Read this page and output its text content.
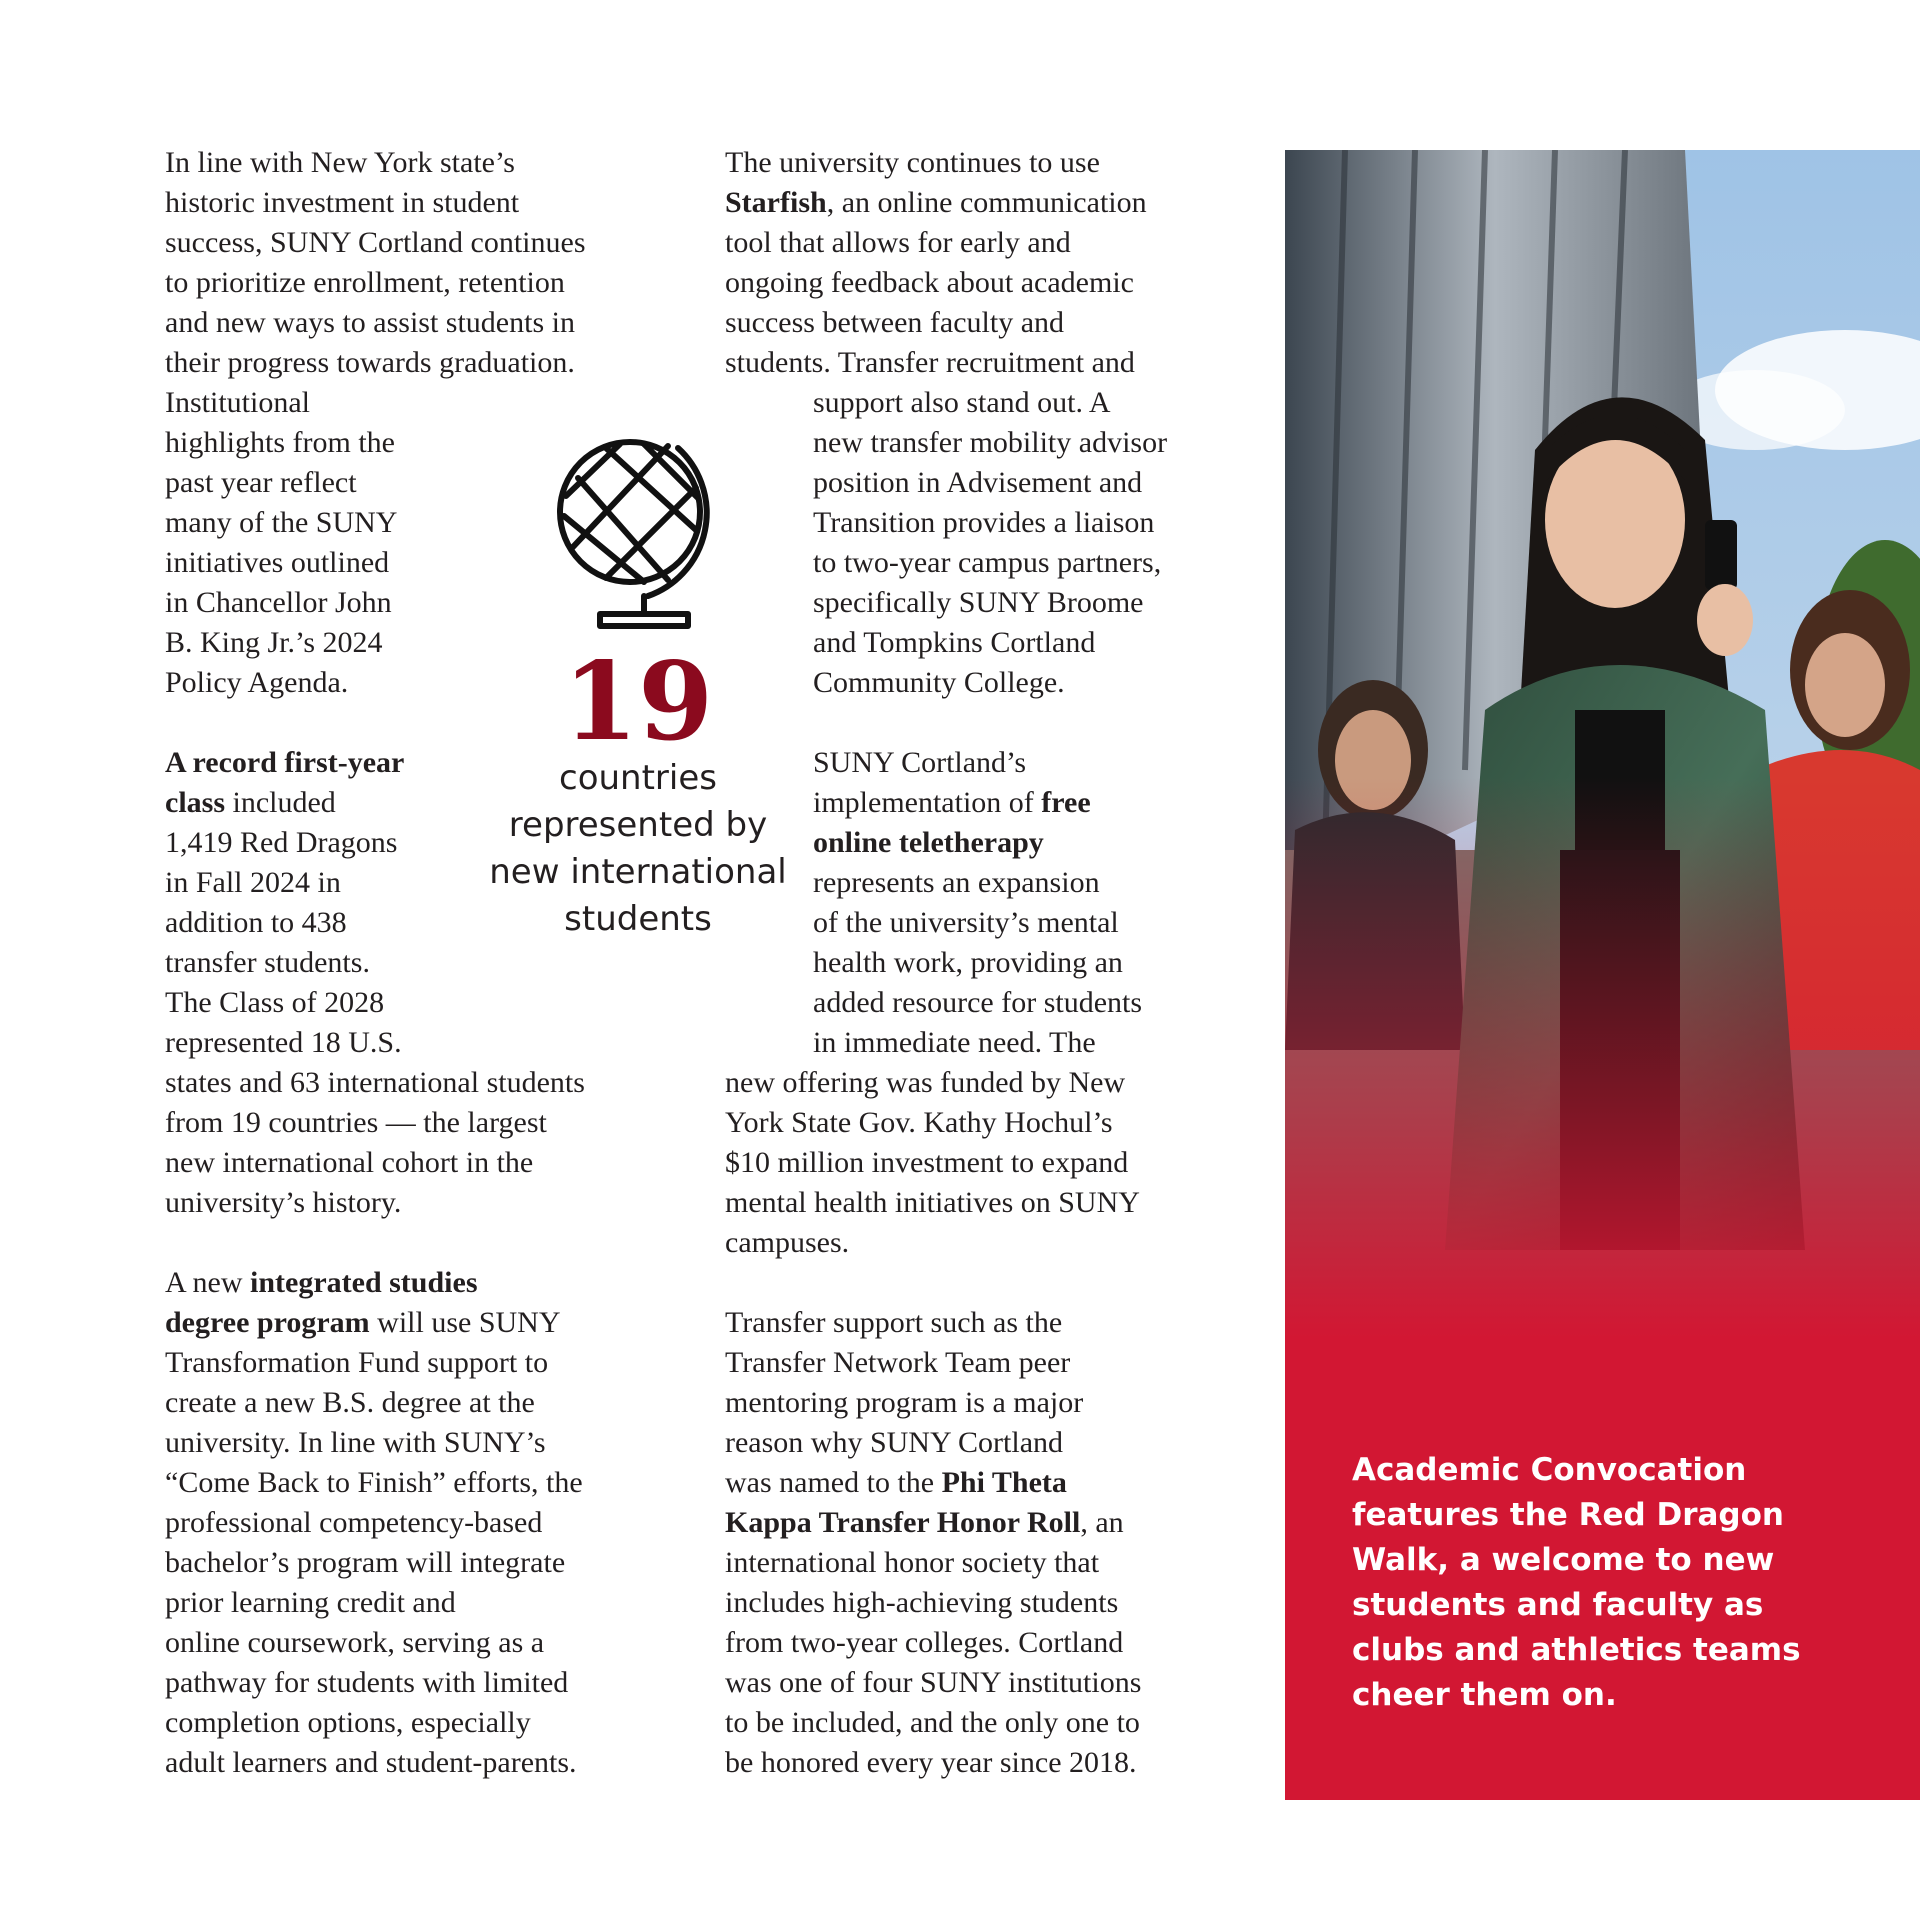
In line with New York state’s
historic investment in student
success, SUNY Cortland continues
to prioritize enrollment, retention
and new ways to assist students in
their progress towards graduation.
Institutional
highlights from the
past year reflect
many of the SUNY
initiatives outlined
in Chancellor John
B. King Jr.’s 2024
Policy Agenda.
A record first-year
class included
1,419 Red Dragons
in Fall 2024 in
addition to 438
transfer students.
The Class of 2028
represented 18 U.S.
states and 63 international students
from 19 countries — the largest
new international cohort in the
university’s history.
A new integrated studies
degree program will use SUNY
Transformation Fund support to
create a new B.S. degree at the
university. In line with SUNY’s
“Come Back to Finish” efforts, the
professional competency-based
bachelor’s program will integrate
prior learning credit and
online coursework, serving as a
pathway for students with limited
completion options, especially
adult learners and student-parents.
The university continues to use
Starfish, an online communication
tool that allows for early and
ongoing feedback about academic
success between faculty and
students. Transfer recruitment and
support also stand out. A
new transfer mobility advisor
position in Advisement and
Transition provides a liaison
to two-year campus partners,
specifically SUNY Broome
and Tompkins Cortland
Community College.
SUNY Cortland’s
implementation of free
online teletherapy
represents an expansion
of the university’s mental
health work, providing an
added resource for students
in immediate need. The
new offering was funded by New
York State Gov. Kathy Hochul’s
$10 million investment to expand
mental health initiatives on SUNY
campuses.
Transfer support such as the
Transfer Network Team peer
mentoring program is a major
reason why SUNY Cortland
was named to the Phi Theta
Kappa Transfer Honor Roll, an
international honor society that
includes high-achieving students
from two-year colleges. Cortland
was one of four SUNY institutions
to be included, and the only one to
be honored every year since 2018.
19
countries
represented by
new international
students
Academic Convocation
features the Red Dragon
Walk, a welcome to new
students and faculty as
clubs and athletics teams
cheer them on.
